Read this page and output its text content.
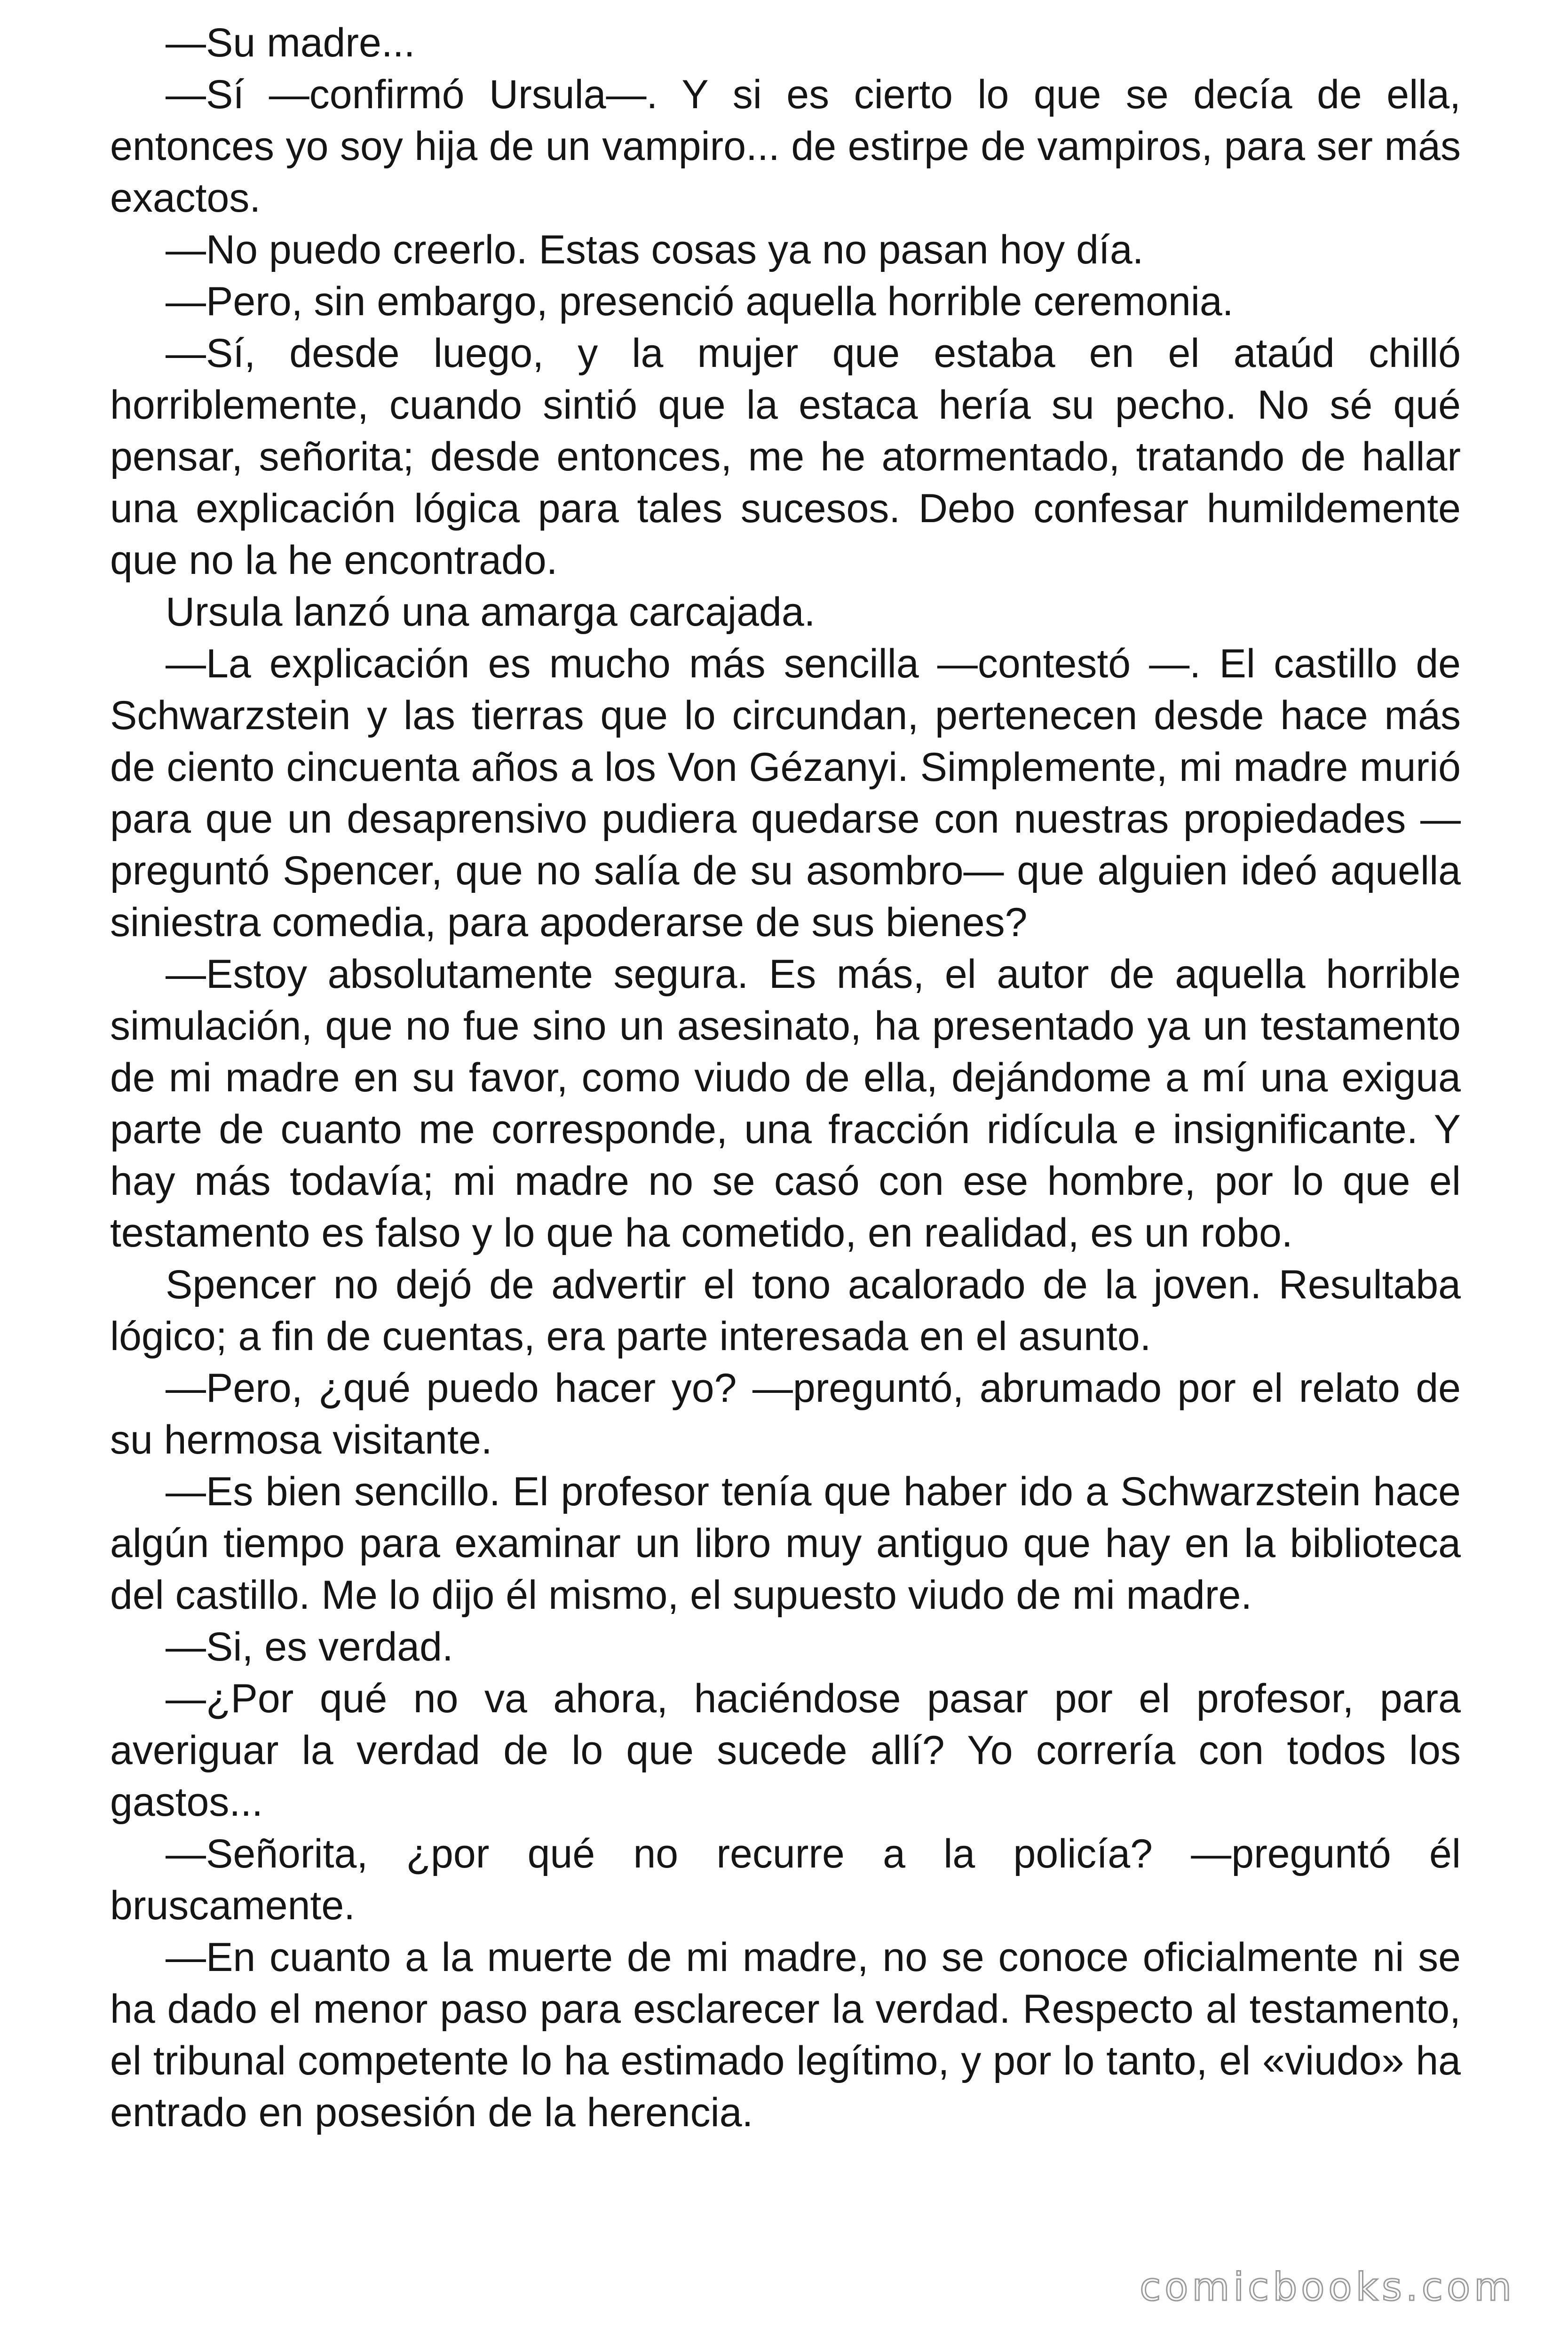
—Su madre...

—Sí —confirmó Ursula—. Y si es cierto lo que se decía de ella, entonces yo soy hija de un vampiro... de estirpe de vampiros, para ser más exactos.

—No puedo creerlo. Estas cosas ya no pasan hoy día.

—Pero, sin embargo, presenció aquella horrible ceremonia.

—Sí, desde luego, y la mujer que estaba en el ataúd chilló horriblemente, cuando sintió que la estaca hería su pecho. No sé qué pensar, señorita; desde entonces, me he atormentado, tratando de hallar una explicación lógica para tales sucesos. Debo confesar humildemente que no la he encontrado.

Ursula lanzó una amarga carcajada.

—La explicación es mucho más sencilla —contestó —. El castillo de Schwarzstein y las tierras que lo circundan, pertenecen desde hace más de ciento cincuenta años a los Von Gézanyi. Simplemente, mi madre murió para que un desaprensivo pudiera quedarse con nuestras propiedades —preguntó Spencer, que no salía de su asombro— que alguien ideó aquella siniestra comedia, para apoderarse de sus bienes?

—Estoy absolutamente segura. Es más, el autor de aquella horrible simulación, que no fue sino un asesinato, ha presentado ya un testamento de mi madre en su favor, como viudo de ella, dejándome a mí una exigua parte de cuanto me corresponde, una fracción ridícula e insignificante. Y hay más todavía; mi madre no se casó con ese hombre, por lo que el testamento es falso y lo que ha cometido, en realidad, es un robo.

Spencer no dejó de advertir el tono acalorado de la joven. Resultaba lógico; a fin de cuentas, era parte interesada en el asunto.

—Pero, ¿qué puedo hacer yo? —preguntó, abrumado por el relato de su hermosa visitante.

—Es bien sencillo. El profesor tenía que haber ido a Schwarzstein hace algún tiempo para examinar un libro muy antiguo que hay en la biblioteca del castillo. Me lo dijo él mismo, el supuesto viudo de mi madre.

—Si, es verdad.

—¿Por qué no va ahora, haciéndose pasar por el profesor, para averiguar la verdad de lo que sucede allí? Yo correría con todos los gastos...

—Señorita, ¿por qué no recurre a la policía? —preguntó él bruscamente.

—En cuanto a la muerte de mi madre, no se conoce oficialmente ni se ha dado el menor paso para esclarecer la verdad. Respecto al testamento, el tribunal competente lo ha estimado legítimo, y por lo tanto, el «viudo» ha entrado en posesión de la herencia.

comicbooks.com
